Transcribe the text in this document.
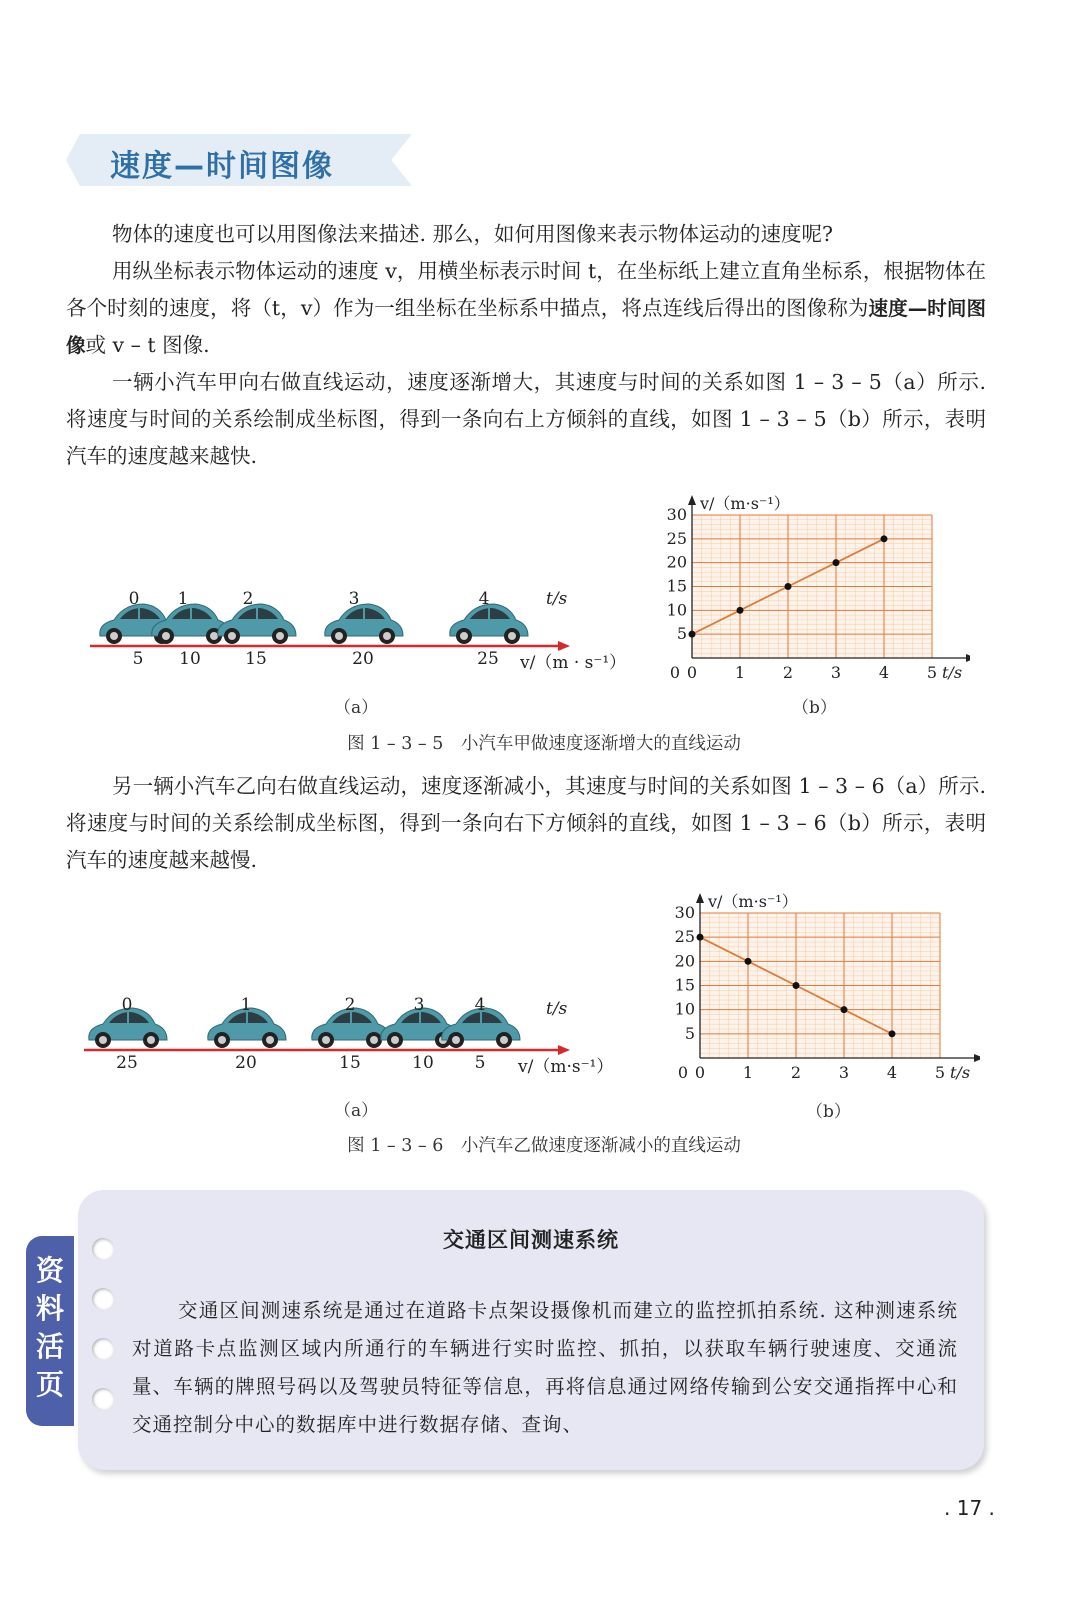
速度—时间图像

物体的速度也可以用图像法来描述. 那么，如何用图像来表示物体运动的速度呢?

用纵坐标表示物体运动的速度 v，用横坐标表示时间 t，在坐标纸上建立直角坐标系，根据物体在各个时刻的速度，将（t，v）作为一组坐标在坐标系中描点，将点连线后得出的图像称为速度—时间图像或 v – t 图像.

一辆小汽车甲向右做直线运动，速度逐渐增大，其速度与时间的关系如图 1 – 3 – 5（a）所示. 将速度与时间的关系绘制成坐标图，得到一条向右上方倾斜的直线，如图 1 – 3 – 5（b）所示，表明汽车的速度越来越快.

0 1	2	3	4	t/s
5 10	15	20	25 v/（m · s⁻¹）
（a）
0 1 2 3 4 5
0
5
10
15
20
25
30
t/s
v/（m·s⁻¹）
（b）
图 1 – 3 – 5　小汽车甲做速度逐渐增大的直线运动

另一辆小汽车乙向右做直线运动，速度逐渐减小，其速度与时间的关系如图 1 – 3 – 6（a）所示. 将速度与时间的关系绘制成坐标图，得到一条向右下方倾斜的直线，如图 1 – 3 – 6（b）所示，表明汽车的速度越来越慢.

0	1	2	3	4	t/s
25	20	15	10 5 v/（m·s⁻¹）
（a）
0 1 2 3 4 5
0
5
10
15
20
25
30
t/s
v/（m·s⁻¹）
（b）
图 1 – 3 – 6　小汽车乙做速度逐渐减小的直线运动
资
料
活
页
交通区间测速系统

交通区间测速系统是通过在道路卡点架设摄像机而建立的监控抓拍系统. 这种测速系统对道路卡点监测区域内所通行的车辆进行实时监控、抓拍，以获取车辆行驶速度、交通流量、车辆的牌照号码以及驾驶员特征等信息，再将信息通过网络传输到公安交通指挥中心和交通控制分中心的数据库中进行数据存储、查询、

. 17 .
